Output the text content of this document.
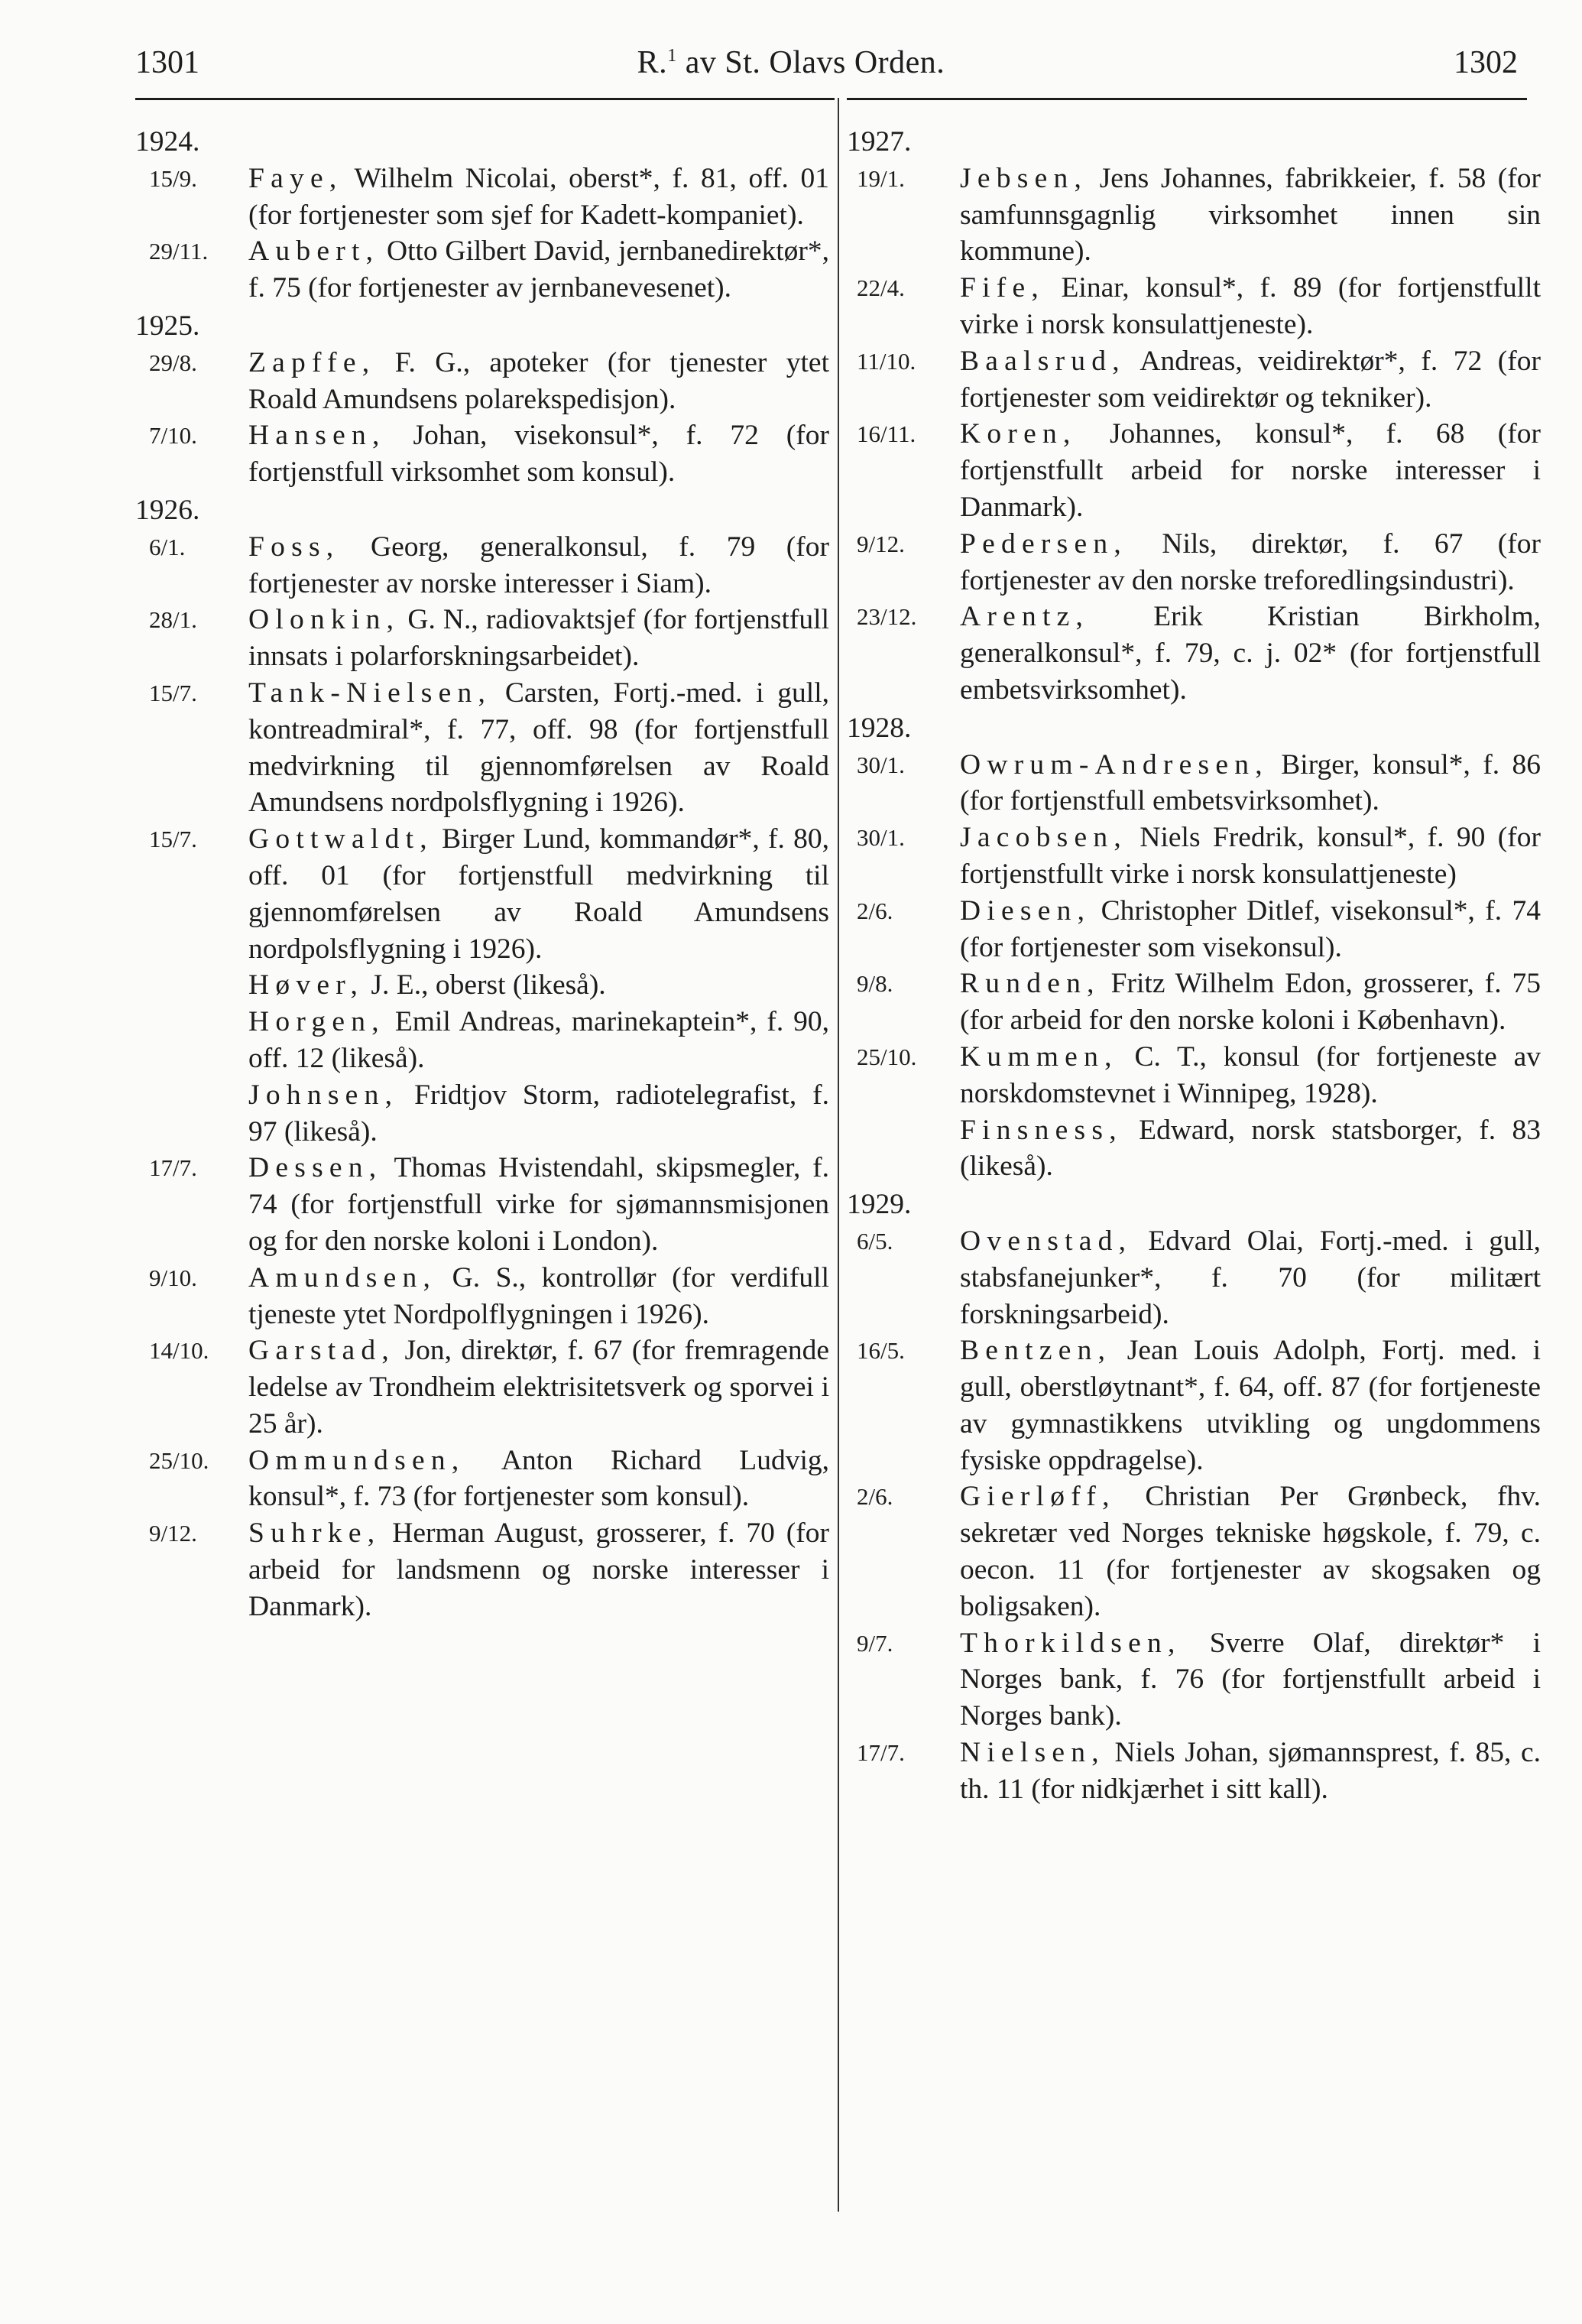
1301	R.$^1$ av St. Olavs Orden.	1302
1924.
15/9. Faye, Wilhelm Nicolai, oberst*, f. 81, off. 01 (for fortjenester som sjef for Kadett-kompaniet).
29/11. Aubert, Otto Gilbert David, jernbanedirektør*, f. 75 (for fortjenester av jernbanevesenet).
1925.
29/8. Zapffe, F. G., apoteker (for tjenester ytet Roald Amundsens polarekspedisjon).
7/10. Hansen, Johan, visekonsul*, f. 72 (for fortjenstfull virksomhet som konsul).
1926.
6/1. Foss, Georg, generalkonsul, f. 79 (for fortjenester av norske interesser i Siam).
28/1. Olonkin, G. N., radiovaktsjef (for fortjenstfull innsats i polarforskningsarbeidet).
15/7. Tank-Nielsen, Carsten, Fortj.-med. i gull, kontreadmiral*, f. 77, off. 98 (for fortjenstfull medvirkning til gjennomførelsen av Roald Amundsens nordpolsflygning i 1926).
15/7. Gottwaldt, Birger Lund, kommandør*, f. 80, off. 01 (for fortjenstfull medvirkning til gjennomførelsen av Roald Amundsens nordpolsflygning i 1926).
Høver, J. E., oberst (likeså).
Horgen, Emil Andreas, marinekaptein*, f. 90, off. 12 (likeså).
Johnsen, Fridtjov Storm, radiotelegrafist, f. 97 (likeså).
17/7. Dessen, Thomas Hvistendahl, skipsmegler, f. 74 (for fortjenstfull virke for sjømannsmisjonen og for den norske koloni i London).
9/10. Amundsen, G. S., kontrollør (for verdifull tjeneste ytet Nordpolflygningen i 1926).
14/10. Garstad, Jon, direktør, f. 67 (for fremragende ledelse av Trondheim elektrisitetsverk og sporvei i 25 år).
25/10. Ommundsen, Anton Richard Ludvig, konsul*, f. 73 (for fortjenester som konsul).
9/12. Suhrke, Herman August, grosserer, f. 70 (for arbeid for landsmenn og norske interesser i Danmark).
1927.
19/1. Jebsen, Jens Johannes, fabrikkeier, f. 58 (for samfunnsgagnlig virksomhet innen sin kommune).
22/4. Fife, Einar, konsul*, f. 89 (for fortjenstfullt virke i norsk konsulattjeneste).
11/10. Baalsrud, Andreas, veidirektør*, f. 72 (for fortjenester som veidirektør og tekniker).
16/11. Koren, Johannes, konsul*, f. 68 (for fortjenstfullt arbeid for norske interesser i Danmark).
9/12. Pedersen, Nils, direktør, f. 67 (for fortjenester av den norske treforedlingsindustri).
23/12. Arentz, Erik Kristian Birkholm, generalkonsul*, f. 79, c. j. 02* (for fortjenstfull embetsvirksomhet).
1928.
30/1. Owrum-Andresen, Birger, konsul*, f. 86 (for fortjenstfull embetsvirksomhet).
30/1. Jacobsen, Niels Fredrik, konsul*, f. 90 (for fortjenstfullt virke i norsk konsulattjeneste)
2/6. Diesen, Christopher Ditlef, visekonsul*, f. 74 (for fortjenester som visekonsul).
9/8. Runden, Fritz Wilhelm Edon, grosserer, f. 75 (for arbeid for den norske koloni i København).
25/10. Kummen, C. T., konsul (for fortjeneste av norskdomstevnet i Winnipeg, 1928).
Finsness, Edward, norsk statsborger, f. 83 (likeså).
1929.
6/5. Ovenstad, Edvard Olai, Fortj.-med. i gull, stabsfanejunker*, f. 70 (for militært forskningsarbeid).
16/5. Bentzen, Jean Louis Adolph, Fortj. med. i gull, oberstløytnant*, f. 64, off. 87 (for fortjeneste av gymnastikkens utvikling og ungdommens fysiske oppdragelse).
2/6. Gierløff, Christian Per Grønbeck, fhv. sekretær ved Norges tekniske høgskole, f. 79, c. oecon. 11 (for fortjenester av skogsaken og boligsaken).
9/7. Thorkildsen, Sverre Olaf, direktør* i Norges bank, f. 76 (for fortjenstfullt arbeid i Norges bank).
17/7. Nielsen, Niels Johan, sjømannsprest, f. 85, c. th. 11 (for nidkjærhet i sitt kall).
